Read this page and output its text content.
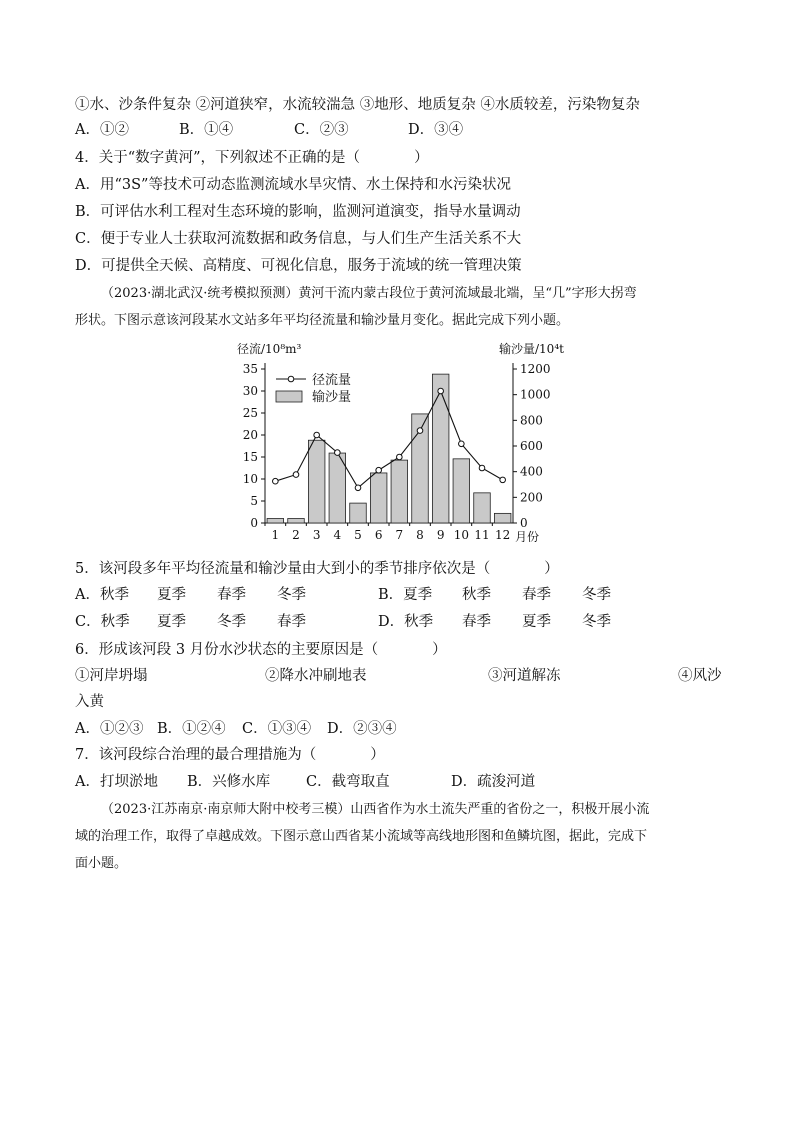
①水、沙条件复杂 ②河道狭窄，水流较湍急 ③地形、地质复杂 ④水质较差，污染物复杂
A．①②	B．①④	C．②③	D．③④
4．关于“数字黄河”，下列叙述不正确的是（	）
A．用“3S”等技术可动态监测流域水旱灾情、水土保持和水污染状况
B．可评估水利工程对生态环境的影响，监测河道演变，指导水量调动
C．便于专业人士获取河流数据和政务信息，与人们生产生活关系不大
D．可提供全天候、高精度、可视化信息，服务于流域的统一管理决策
（2023·湖北武汉·统考模拟预测）黄河干流内蒙古段位于黄河流域最北端，呈“几”字形大拐弯
形状。下图示意该河段某水文站多年平均径流量和输沙量月变化。据此完成下列小题。
0
5
10
15
20
25
30
35
0
200
400
600
800
1000
1200
1 2 3 4 5 6 7 8 9 10 11 12
径流/10⁸m³	输沙量/10⁴t
月份
径流量
输沙量
5．该河段多年平均径流量和输沙量由大到小的季节排序依次是（	）
A．秋季 夏季 春季 冬季	B．夏季 秋季 春季 冬季
C．秋季 夏季 冬季 春季	D．秋季 春季 夏季 冬季
6．形成该河段 3 月份水沙状态的主要原因是（	）
①河岸坍塌	②降水冲刷地表	③河道解冻	④风沙
入黄
A．①②③ B．①②④ C．①③④ D．②③④
7．该河段综合治理的最合理措施为（	）
A．打坝淤地 B．兴修水库 C．截弯取直	D．疏浚河道
（2023·江苏南京·南京师大附中校考三模）山西省作为水土流失严重的省份之一，积极开展小流
域的治理工作，取得了卓越成效。下图示意山西省某小流域等高线地形图和鱼鳞坑图，据此，完成下
面小题。
